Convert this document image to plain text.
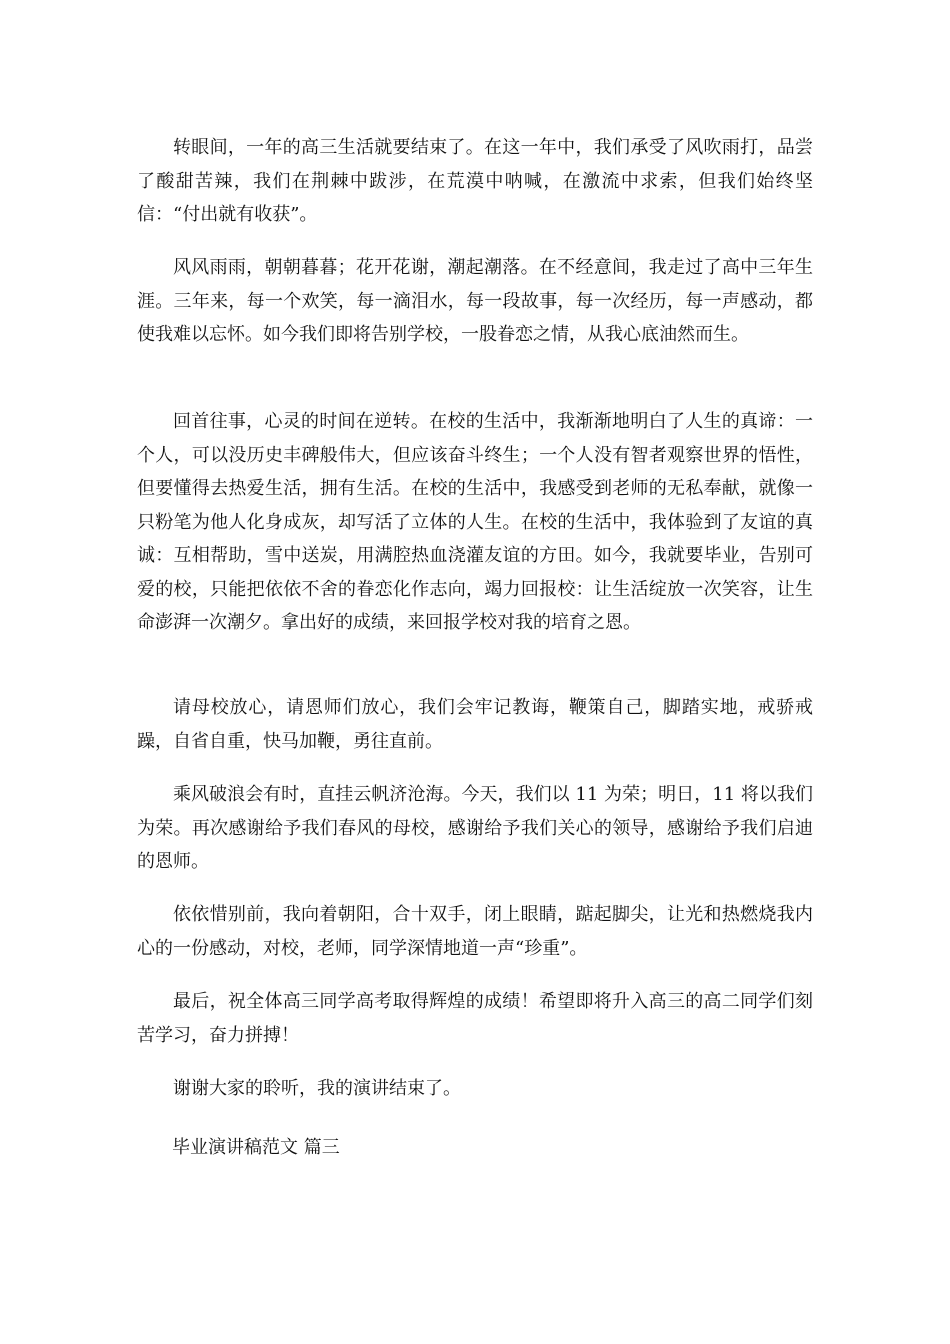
转眼间，一年的高三生活就要结束了。在这一年中，我们承受了风吹雨打，品尝了酸甜苦辣，我们在荆棘中跋涉，在荒漠中呐喊，在激流中求索，但我们始终坚信：“付出就有收获”。

风风雨雨，朝朝暮暮；花开花谢，潮起潮落。在不经意间，我走过了高中三年生涯。三年来，每一个欢笑，每一滴泪水，每一段故事，每一次经历，每一声感动，都使我难以忘怀。如今我们即将告别学校，一股眷恋之情，从我心底油然而生。

回首往事，心灵的时间在逆转。在校的生活中，我渐渐地明白了人生的真谛：一个人，可以没历史丰碑般伟大，但应该奋斗终生；一个人没有智者观察世界的悟性，但要懂得去热爱生活，拥有生活。在校的生活中，我感受到老师的无私奉献，就像一只粉笔为他人化身成灰，却写活了立体的人生。在校的生活中，我体验到了友谊的真诚：互相帮助，雪中送炭，用满腔热血浇灌友谊的方田。如今，我就要毕业，告别可爱的校，只能把依依不舍的眷恋化作志向，竭力回报校：让生活绽放一次笑容，让生命澎湃一次潮夕。拿出好的成绩，来回报学校对我的培育之恩。

请母校放心，请恩师们放心，我们会牢记教诲，鞭策自己，脚踏实地，戒骄戒躁，自省自重，快马加鞭，勇往直前。

乘风破浪会有时，直挂云帆济沧海。今天，我们以 11 为荣；明日，11 将以我们为荣。再次感谢给予我们春风的母校，感谢给予我们关心的领导，感谢给予我们启迪的恩师。

依依惜别前，我向着朝阳，合十双手，闭上眼睛，踮起脚尖，让光和热燃烧我内心的一份感动，对校，老师，同学深情地道一声“珍重”。

最后，祝全体高三同学高考取得辉煌的成绩！希望即将升入高三的高二同学们刻苦学习，奋力拼搏！

谢谢大家的聆听，我的演讲结束了。

毕业演讲稿范文 篇三
